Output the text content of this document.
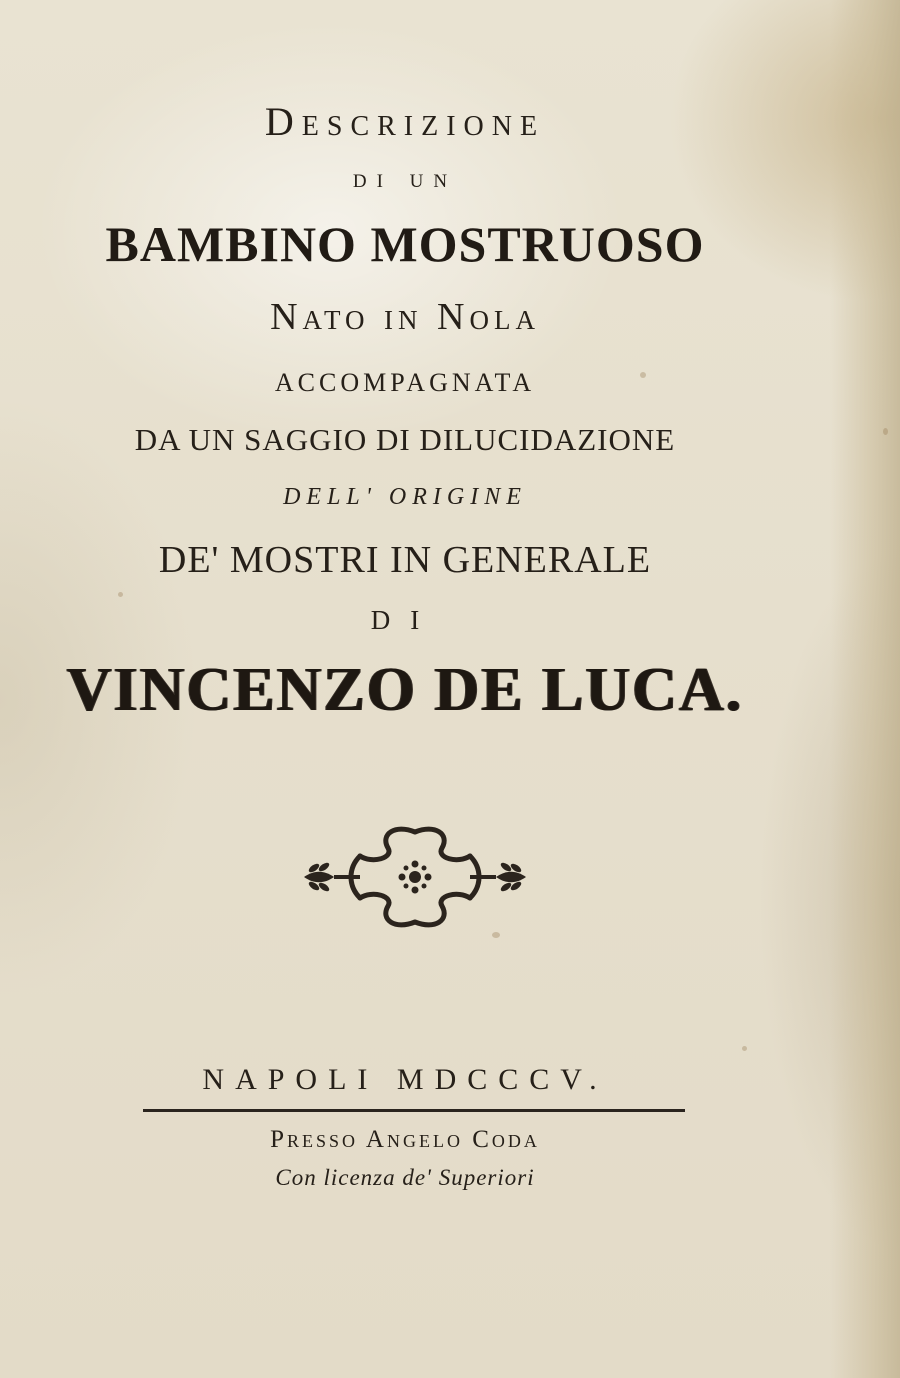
Descrizione
di un
BAMBINO MOSTRUOSO
Nato in Nola
ACCOMPAGNATA
DA UN SAGGIO DI DILUCIDAZIONE
DELL' ORIGINE
DE' MOSTRI IN GENERALE
DI
VINCENZO DE LUCA.
NAPOLI MDCCCV.
Presso Angelo Coda
Con licenza de' Superiori
